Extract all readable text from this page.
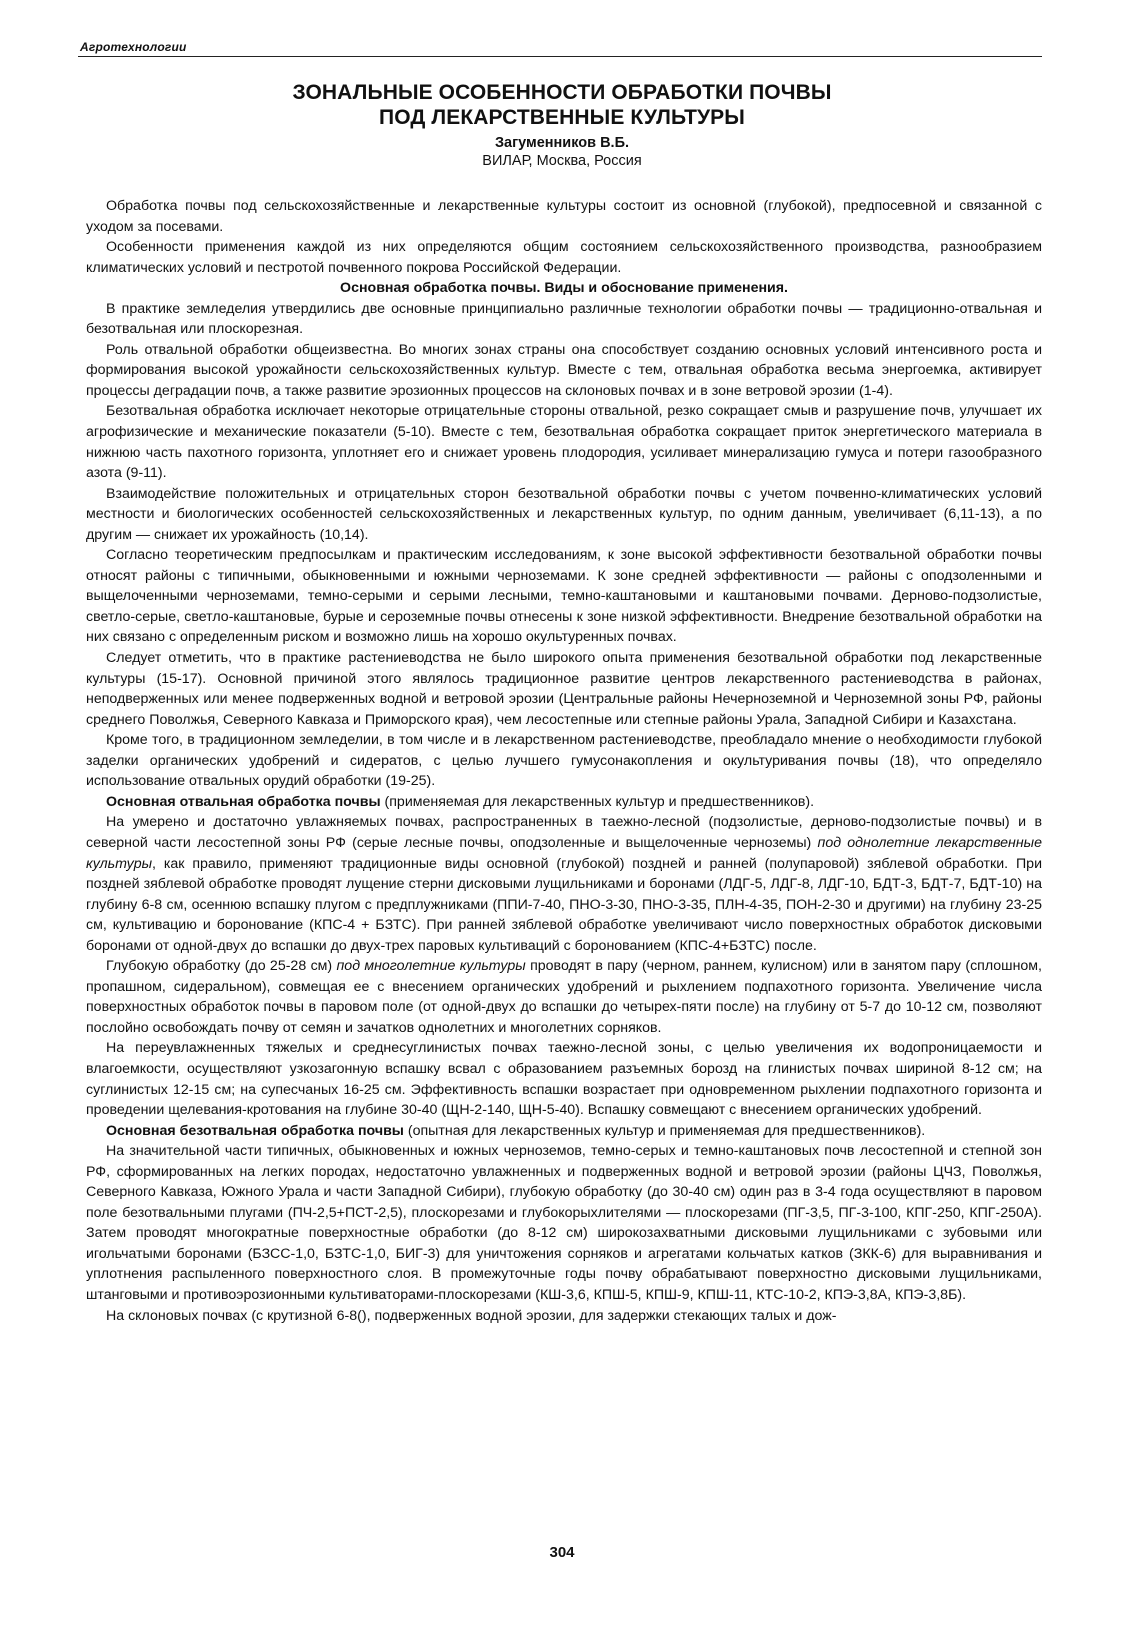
Агротехнологии
ЗОНАЛЬНЫЕ ОСОБЕННОСТИ ОБРАБОТКИ ПОЧВЫ
ПОД ЛЕКАРСТВЕННЫЕ КУЛЬТУРЫ
Загуменников В.Б.
ВИЛАР, Москва, Россия

Обработка почвы под сельскохозяйственные и лекарственные культуры состоит из основной (глубокой), предпосевной и связанной с уходом за посевами.

Особенности применения каждой из них определяются общим состоянием сельскохозяйственного производства, разнообразием климатических условий и пестротой почвенного покрова Российской Федерации.

Основная обработка почвы. Виды и обоснование применения.

В практике земледелия утвердились две основные принципиально различные технологии обработки почвы — традиционно-отвальная и безотвальная или плоскорезная.

Роль отвальной обработки общеизвестна. Во многих зонах страны она способствует созданию основных условий интенсивного роста и формирования высокой урожайности сельскохозяйственных культур. Вместе с тем, отвальная обработка весьма энергоемка, активирует процессы деградации почв, а также развитие эрозионных процессов на склоновых почвах и в зоне ветровой эрозии (1-4).

Безотвальная обработка исключает некоторые отрицательные стороны отвальной, резко сокращает смыв и разрушение почв, улучшает их агрофизические и механические показатели (5-10). Вместе с тем, безотвальная обработка сокращает приток энергетического материала в нижнюю часть пахотного горизонта, уплотняет его и снижает уровень плодородия, усиливает минерализацию гумуса и потери газообразного азота (9-11).

Взаимодействие положительных и отрицательных сторон безотвальной обработки почвы с учетом почвенно-климатических условий местности и биологических особенностей сельскохозяйственных и лекарственных культур, по одним данным, увеличивает (6,11-13), а по другим — снижает их урожайность (10,14).

Согласно теоретическим предпосылкам и практическим исследованиям, к зоне высокой эффективности безотвальной обработки почвы относят районы с типичными, обыкновенными и южными черноземами. К зоне средней эффективности — районы с оподзоленными и выщелоченными черноземами, темно-серыми и серыми лесными, темно-каштановыми и каштановыми почвами. Дерново-подзолистые, светло-серые, светло-каштановые, бурые и сероземные почвы отнесены к зоне низкой эффективности. Внедрение безотвальной обработки на них связано с определенным риском и возможно лишь на хорошо окультуренных почвах.

Следует отметить, что в практике растениеводства не было широкого опыта применения безотвальной обработки под лекарственные культуры (15-17). Основной причиной этого являлось традиционное развитие центров лекарственного растениеводства в районах, неподверженных или менее подверженных водной и ветровой эрозии (Центральные районы Нечерноземной и Черноземной зоны РФ, районы среднего Поволжья, Северного Кавказа и Приморского края), чем лесостепные или степные районы Урала, Западной Сибири и Казахстана.

Кроме того, в традиционном земледелии, в том числе и в лекарственном растениеводстве, преобладало мнение о необходимости глубокой заделки органических удобрений и сидератов, с целью лучшего гумусонакопления и окультуривания почвы (18), что определяло использование отвальных орудий обработки (19-25).

Основная отвальная обработка почвы (применяемая для лекарственных культур и предшественников).

На умерено и достаточно увлажняемых почвах, распространенных в таежно-лесной (подзолистые, дерново-подзолистые почвы) и в северной части лесостепной зоны РФ (серые лесные почвы, оподзоленные и выщелоченные черноземы) под однолетние лекарственные культуры, как правило, применяют традиционные виды основной (глубокой) поздней и ранней (полупаровой) зяблевой обработки. При поздней зяблевой обработке проводят лущение стерни дисковыми лущильниками и боронами (ЛДГ-5, ЛДГ-8, ЛДГ-10, БДТ-3, БДТ-7, БДТ-10) на глубину 6-8 см, осеннюю вспашку плугом с предплужниками (ППИ-7-40, ПНО-3-30, ПНО-3-35, ПЛН-4-35, ПОН-2-30 и другими) на глубину 23-25 см, культивацию и боронование (КПС-4 + БЗТС). При ранней зяблевой обработке увеличивают число поверхностных обработок дисковыми боронами от одной-двух до вспашки до двух-трех паровых культиваций с боронованием (КПС-4+БЗТС) после.

Глубокую обработку (до 25-28 см) под многолетние культуры проводят в пару (черном, раннем, кулисном) или в занятом пару (сплошном, пропашном, сидеральном), совмещая ее с внесением органических удобрений и рыхлением подпахотного горизонта. Увеличение числа поверхностных обработок почвы в паровом поле (от одной-двух до вспашки до четырех-пяти после) на глубину от 5-7 до 10-12 см, позволяют послойно освобождать почву от семян и зачатков однолетних и многолетних сорняков.

На переувлажненных тяжелых и среднесуглинистых почвах таежно-лесной зоны, с целью увеличения их водопроницаемости и влагоемкости, осуществляют узкозагонную вспашку всвал с образованием разъемных борозд на глинистых почвах шириной 8-12 см; на суглинистых 12-15 см; на супесчаных 16-25 см. Эффективность вспашки возрастает при одновременном рыхлении подпахотного горизонта и проведении щелевания-кротования на глубине 30-40 (ЩН-2-140, ЩН-5-40). Вспашку совмещают с внесением органических удобрений.

Основная безотвальная обработка почвы (опытная для лекарственных культур и применяемая для предшественников).

На значительной части типичных, обыкновенных и южных черноземов, темно-серых и темно-каштановых почв лесостепной и степной зон РФ, сформированных на легких породах, недостаточно увлажненных и подверженных водной и ветровой эрозии (районы ЦЧЗ, Поволжья, Северного Кавказа, Южного Урала и части Западной Сибири), глубокую обработку (до 30-40 см) один раз в 3-4 года осуществляют в паровом поле безотвальными плугами (ПЧ-2,5+ПСТ-2,5), плоскорезами и глубокорыхлителями — плоскорезами (ПГ-3,5, ПГ-3-100, КПГ-250, КПГ-250А). Затем проводят многократные поверхностные обработки (до 8-12 см) широкозахватными дисковыми лущильниками с зубовыми или игольчатыми боронами (БЗСС-1,0, БЗТС-1,0, БИГ-3) для уничтожения сорняков и агрегатами кольчатых катков (ЗКК-6) для выравнивания и уплотнения распыленного поверхностного слоя. В промежуточные годы почву обрабатывают поверхностно дисковыми лущильниками, штанговыми и противоэрозионными культиваторами-плоскорезами (КШ-3,6, КПШ-5, КПШ-9, КПШ-11, КТС-10-2, КПЭ-3,8А, КПЭ-3,8Б).

На склоновых почвах (с крутизной 6-8(), подверженных водной эрозии, для задержки стекающих талых и дож-

304
